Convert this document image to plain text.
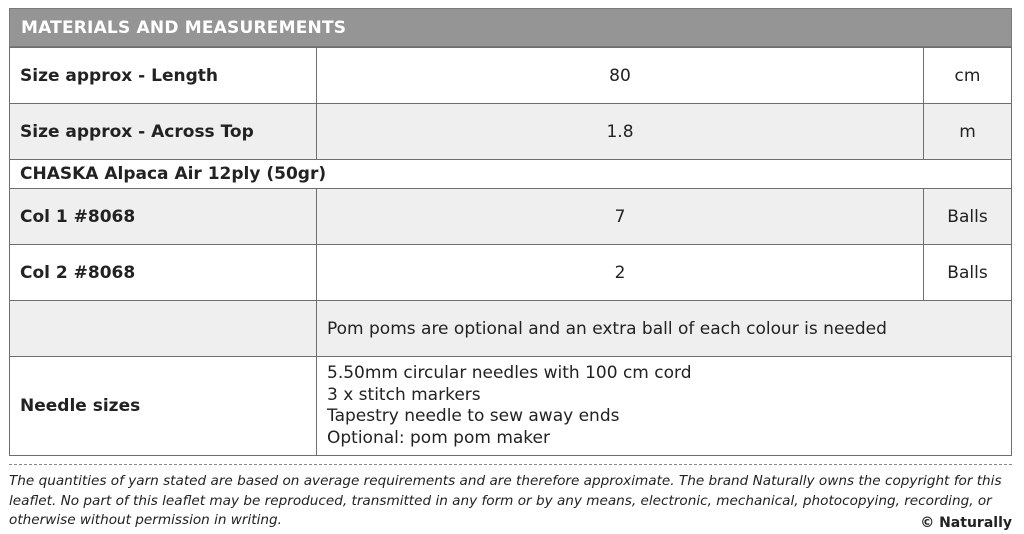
MATERIALS AND MEASUREMENTS
Size approx - Length	80	cm
Size approx - Across Top	1.8	m
CHASKA Alpaca Air 12ply (50gr)		
Col 1 #8068	7	Balls
Col 2 #8068	2	Balls
	Pom poms are optional and an extra ball of each colour is needed	
Needle sizes	5.50mm circular needles with 100 cm cord
3 x stitch markers
Tapestry needle to sew away ends
Optional: pom pom maker	

The quantities of yarn stated are based on average requirements and are therefore approximate. The brand Naturally owns the copyright for this leaflet. No part of this leaflet may be reproduced, transmitted in any form or by any means, electronic, mechanical, photocopying, recording, or otherwise without permission in writing.	© Naturally
